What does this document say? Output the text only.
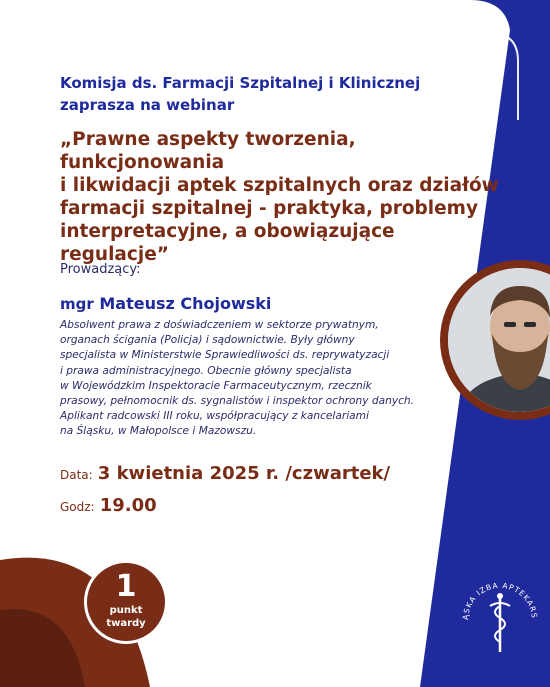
Komisja ds. Farmacji Szpitalnej i Klinicznej
zaprasza na webinar
„Prawne aspekty tworzenia, funkcjonowania
i likwidacji aptek szpitalnych oraz działów
farmacji szpitalnej - praktyka, problemy
interpretacyjne, a obowiązujące regulacje”
Prowadzący:
mgr Mateusz Chojowski
Absolwent prawa z doświadczeniem w sektorze prywatnym,
organach ścigania (Policja) i sądownictwie. Były główny
specjalista w Ministerstwie Sprawiedliwości ds. reprywatyzacji
i prawa administracyjnego. Obecnie główny specjalista
w Wojewódzkim Inspektoracie Farmaceutycznym, rzecznik
prasowy, pełnomocnik ds. sygnalistów i inspektor ochrony danych.
Aplikant radcowski III roku, współpracujący z kancelariami
na Śląsku, w Małopolsce i Mazowszu.
Data: 3 kwietnia 2025 r. /czwartek/
Godz: 19.00
1
punkt
twardy
ĄSKA IZBA APTEKARS
